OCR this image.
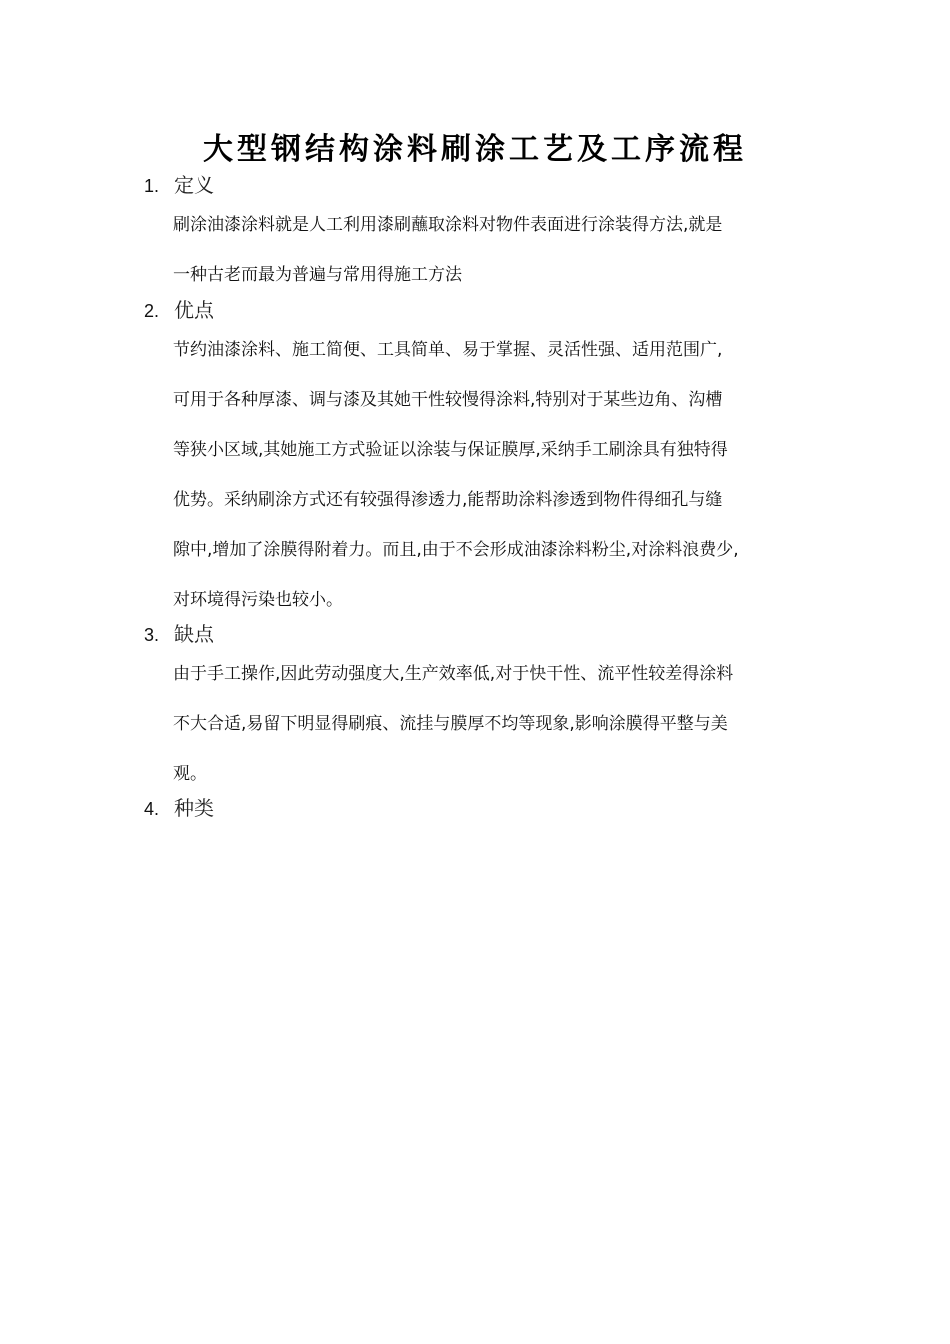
大型钢结构涂料刷涂工艺及工序流程
1. 定义
刷涂油漆涂料就是人工利用漆刷蘸取涂料对物件表面进行涂装得方法,就是
一种古老而最为普遍与常用得施工方法
2. 优点
节约油漆涂料、施工简便、工具简单、易于掌握、灵活性强、适用范围广,
可用于各种厚漆、调与漆及其她干性较慢得涂料,特别对于某些边角、沟槽
等狭小区域,其她施工方式验证以涂装与保证膜厚,采纳手工刷涂具有独特得
优势。采纳刷涂方式还有较强得渗透力,能帮助涂料渗透到物件得细孔与缝
隙中,增加了涂膜得附着力。而且,由于不会形成油漆涂料粉尘,对涂料浪费少,
对环境得污染也较小。
3. 缺点
由于手工操作,因此劳动强度大,生产效率低,对于快干性、流平性较差得涂料
不大合适,易留下明显得刷痕、流挂与膜厚不均等现象,影响涂膜得平整与美
观。
4. 种类
